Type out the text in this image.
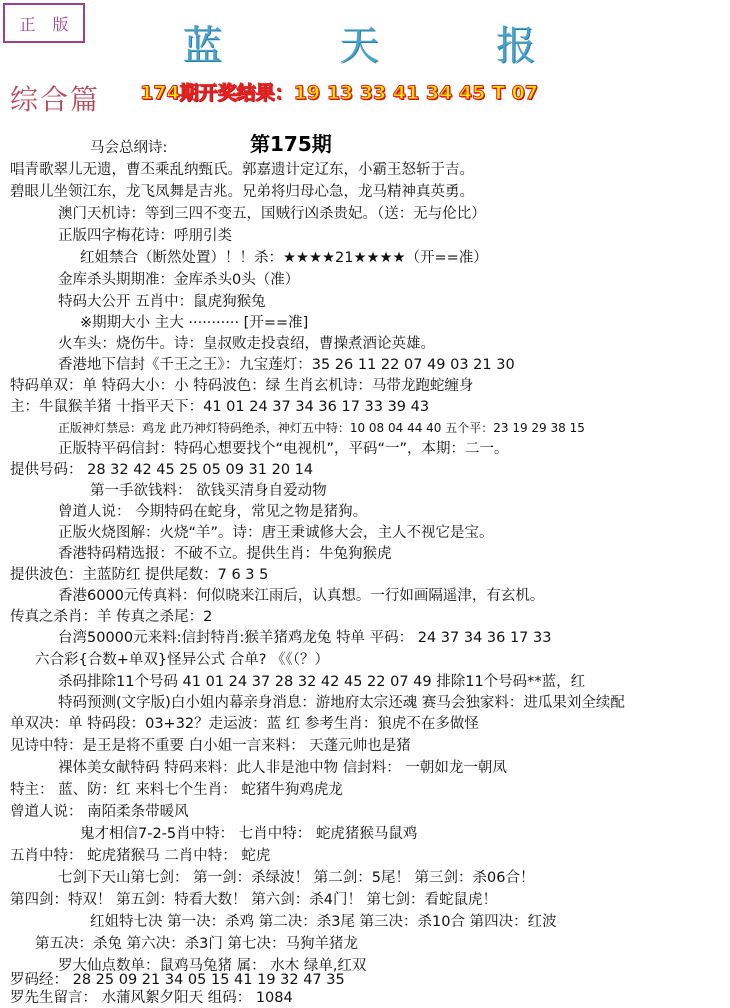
正 版	蓝 天 报
综合篇 174期开奖结果：19 13 33 41 34 45 T 07
第175期
马会总纲诗:
唱青歌翠儿无遗，曹丕乘乱纳甄氏。郭嘉遗计定辽东，小霸王怒斩于吉。
碧眼儿坐领江东，龙飞凤舞是吉兆。兄弟将归母心急，龙马精神真英勇。
澳门天机诗：等到三四不变五，国贼行凶杀贵妃。（送：无与伦比）
正版四字梅花诗：呼朋引类
红姐禁合（断然处置）！！杀：★★★★21★★★★（开==准）
金库杀头期期准：金库杀头0头（准）
特码大公开 五肖中：鼠虎狗猴兔
※期期大小 主大 ··········· [开==准]
火车头：烧伤牛。诗：皇叔败走投袁绍，曹操煮酒论英雄。
香港地下信封《千王之王》：九宝莲灯：35 26 11 22 07 49 03 21 30
特码单双：单 特码大小：小 特码波色：绿 生肖玄机诗：马带龙跑蛇缠身
主：牛鼠猴羊猪 十指平天下：41 01 24 37 34 36 17 33 39 43
正版神灯禁忌：鸡龙 此乃神灯特码绝杀，神灯五中特：10 08 04 44 40 五个平：23 19 29 38 15
正版特平码信封：特码心想要找个“电视机”，平码“一”，本期：二一。
提供号码： 28 32 42 45 25 05 09 31 20 14
第一手欲钱料： 欲钱买清身自爱动物
曾道人说： 今期特码在蛇身，常见之物是猪狗。
正版火烧图解：火烧“羊”。诗：唐王秉诚修大会，主人不视它是宝。
香港特码精选报：不破不立。提供生肖：牛兔狗猴虎
提供波色：主蓝防红 提供尾数：7 6 3 5
香港6000元传真料：何似晓来江雨后，认真想。一行如画隔遥津，有玄机。
传真之杀肖：羊 传真之杀尾：2
台湾50000元来料:信封特肖:猴羊猪鸡龙兔 特单 平码： 24 37 34 36 17 33
六合彩{合数+单双}怪异公式 合单? 《《（？）
杀码排除11个号码 41 01 24 37 28 32 42 45 22 07 49 排除11个号码**蓝，红
特码预测(文字版)白小姐内幕亲身消息：游地府太宗还魂 赛马会独家料：进瓜果刘全续配
单双决：单 特码段：03+32？走运波：蓝 红 参考生肖：狼虎不在多做怪
见诗中特：是王是将不重要 白小姐一言来料： 天蓬元帅也是猪
裸体美女献特码 特码来料：此人非是池中物 信封料： 一朝如龙一朝凤
特主： 蓝、防：红 来料七个生肖： 蛇猪牛狗鸡虎龙
曾道人说： 南陌柔条带暖风
鬼才相信7-2-5肖中特： 七肖中特： 蛇虎猪猴马鼠鸡
五肖中特： 蛇虎猪猴马 二肖中特： 蛇虎
七剑下天山第七剑： 第一剑：杀绿波！ 第二剑：5尾！ 第三剑：杀06合！
第四剑：特双！ 第五剑：特看大数！ 第六剑：杀4门！ 第七剑：看蛇鼠虎！
红姐特七决 第一决：杀鸡 第二决：杀3尾 第三决：杀10合 第四决：红波
第五决：杀兔 第六决：杀3门 第七决：马狗羊猪龙
罗大仙点数单：鼠鸡马兔猪 属： 水木 绿单,红双
罗码经： 28 25 09 21 34 05 15 41 19 32 47 35
罗先生留言： 水蒲风絮夕阳天 组码： 1084
